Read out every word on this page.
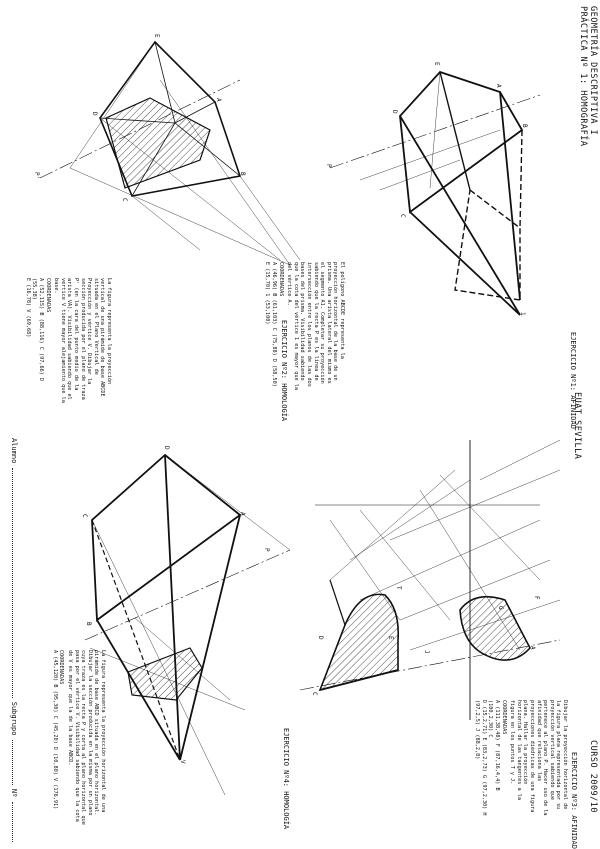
GEOMETRÍA DESCRIPTIVA I
PRÁCTICA Nº 1: HOMOGRAFÍA
EUAT SEVILLA
CURSO 2009/10
EJERCICIO Nº1: AFINIDAD
El polígono ABCDE representa la proyección horizontal de la base de un prisma. Una arista lateral del mismo es el segmento A1. Completar su proyección sabiendo que la recta P es la línea de intersección entre los planos de las dos bases del prisma. Visibilidad sabiendo que la cota del vértice 1 es mayor que la del vértice A.
COORDENADAS
A (46,96) B (61,103) C (75,88) D (58,50)
E (15,70) 1 (53,100)
EJERCICIO Nº2: HOMOLOGÍA
La figura representa la proyección vertical de una pirámide de base ABCDE situada en el Plano Vertical de Proyección y vértice V. Dibujar la sección producida por el plano de traza P' (en la cara del punto medio de la arista VA). Visibilidad sabiendo que el vértice V tiene mayor alejamiento que la base.
COORDENADAS
A (52,115) B (88,116) C (97,66) D (55,38)
E (16,78) V (69,68)
EJERCICIO Nº3: AFINIDAD
Dibujar la proyección horizontal de la figura plana representada por su proyección vertical sabiendo que pertenece al plano P. Hacer uso de la afinidad que relaciona las proyecciones diédricas de una figura plana. Hallar la proyección horizontal de las tangentes a la figura en los puntos T y J.
COORDENADAS
A (111,38,48) F (87,16,4,4) B (100,2,30) C
D (15,2,71) E (83,2,73) G (97,2,30) H
(97,2,5) J (88,2,8)
EJERCICIO Nº4: HOMOLOGÍA
La figura representa la proyección horizontal de una pirámide de base ABCD situada en el plano horizontal. Dibujar la sección producida en la misma por un plano cuya traza es la recta P y corta al plano horizontal que pasa por el vértice V. Visibilidad sabiendo que la cota de V es mayor que la de la base ABCD.
COORDENADAS
A (45,120) B (95,30) C (45,20) D (10,80) V (176,91)
Alumno  Subgrupo  Nº
E
A
B
C
D
P'
E
A
B
C
D
1
P
D
A
B
C
V
P
C
D	E
A
F
G
T
J
